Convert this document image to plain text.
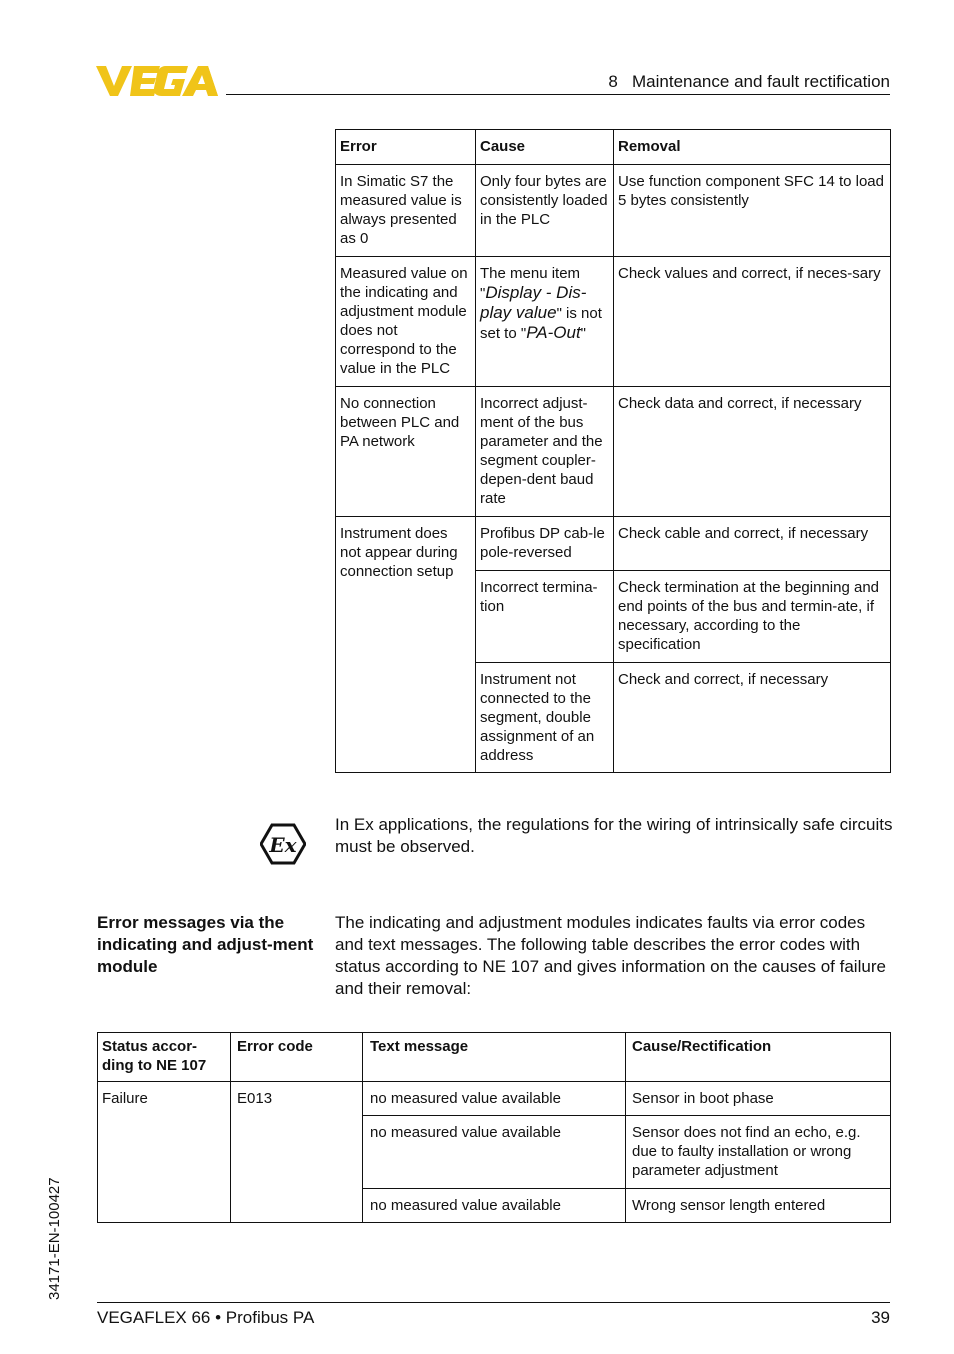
8   Maintenance and fault rectification
Error	Cause	Removal
In Simatic S7 the measured value is always presented as 0	Only four bytes are consistently loaded in the PLC	Use function component SFC 14 to load 5 bytes consistently
Measured value on the indicating and adjustment module does not correspond to the value in the PLC	The menu item "Display - Dis-play value" is not set to "PA-Out"	Check values and correct, if neces-sary
No connection between PLC and PA network	Incorrect adjust-ment of the bus parameter and the segment coupler-depen-dent baud rate	Check data and correct, if necessary
Instrument does not appear during connection setup	Profibus DP cab-le pole-reversed	Check cable and correct, if necessary
	Incorrect termina-tion	Check termination at the beginning and end points of the bus and termin-ate, if necessary, according to the specification
	Instrument not connected to the segment, double assignment of an address	Check and correct, if necessary
Ex
In Ex applications, the regulations for the wiring of intrinsically safe circuits must be observed.
Error messages via the indicating and adjust-ment module
The indicating and adjustment modules indicates faults via error codes and text messages. The following table describes the error codes with status according to NE 107 and gives information on the causes of failure and their removal:
Status accor-ding to NE 107	Error code	Text message	Cause/Rectification
Failure	E013	no measured value available	Sensor in boot phase
		no measured value available	Sensor does not find an echo, e.g. due to faulty installation or wrong parameter adjustment
		no measured value available	Wrong sensor length entered
34171-EN-100427
VEGAFLEX 66 • Profibus PA	39
